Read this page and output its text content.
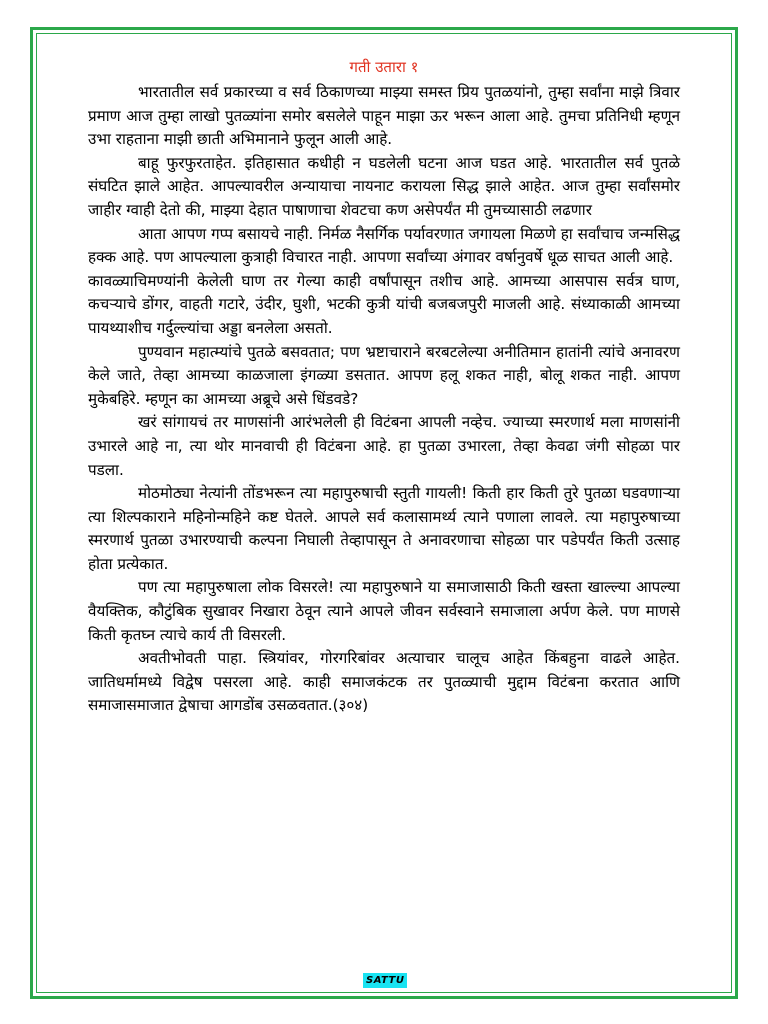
गती उतारा १

भारतातील सर्व प्रकारच्या व सर्व ठिकाणच्या माझ्या समस्त प्रिय पुतळयांनो, तुम्हा सर्वांना माझे त्रिवार प्रमाण आज तुम्हा लाखो पुतळ्यांना समोर बसलेले पाहून माझा ऊर भरून आला आहे. तुमचा प्रतिनिधी म्हणून उभा राहताना माझी छाती अभिमानाने फुलून आली आहे.

बाहू फुरफुरताहेत. इतिहासात कधीही न घडलेली घटना आज घडत आहे. भारतातील सर्व पुतळे संघटित झाले आहेत. आपल्यावरील अन्यायाचा नायनाट करायला सिद्ध झाले आहेत. आज तुम्हा सर्वांसमोर जाहीर ग्वाही देतो की, माझ्या देहात पाषाणाचा शेवटचा कण असेपर्यंत मी तुमच्यासाठी लढणार

आता आपण गप्प बसायचे नाही. निर्मळ नैसर्गिक पर्यावरणात जगायला मिळणे हा सर्वांचाच जन्मसिद्ध हक्क आहे. पण आपल्याला कुत्राही विचारत नाही. आपणा सर्वांच्या अंगावर वर्षानुवर्षे धूळ साचत आली आहे.

कावळ्याचिमण्यांनी केलेली घाण तर गेल्या काही वर्षांपासून तशीच आहे. आमच्या आसपास सर्वत्र घाण, कचऱ्याचे डोंगर, वाहती गटारे, उंदीर, घुशी, भटकी कुत्री यांची बजबजपुरी माजली आहे. संध्याकाळी आमच्या पायथ्याशीच गर्दुल्ल्यांचा अड्डा बनलेला असतो.

पुण्यवान महात्म्यांचे पुतळे बसवतात; पण भ्रष्टाचाराने बरबटलेल्या अनीतिमान हातांनी त्यांचे अनावरण केले जाते, तेव्हा आमच्या काळजाला इंगळ्या डसतात. आपण हलू शकत नाही, बोलू शकत नाही. आपण मुकेबहिरे. म्हणून का आमच्या अब्रूचे असे धिंडवडे?

खरं सांगायचं तर माणसांनी आरंभलेली ही विटंबना आपली नव्हेच. ज्याच्या स्मरणार्थ मला माणसांनी उभारले आहे ना, त्या थोर मानवाची ही विटंबना आहे. हा पुतळा उभारला, तेव्हा केवढा जंगी सोहळा पार पडला.

मोठमोठ्या नेत्यांनी तोंडभरून त्या महापुरुषाची स्तुती गायली! किती हार किती तुरे पुतळा घडवणाऱ्या त्या शिल्पकाराने महिनोन्महिने कष्ट घेतले. आपले सर्व कलासामर्थ्य त्याने पणाला लावले. त्या महापुरुषाच्या स्मरणार्थ पुतळा उभारण्याची कल्पना निघाली तेव्हापासून ते अनावरणाचा सोहळा पार पडेपर्यंत किती उत्साह होता प्रत्येकात.

पण त्या महापुरुषाला लोक विसरले! त्या महापुरुषाने या समाजासाठी किती खस्ता खाल्ल्या आपल्या वैयक्तिक, कौटुंबिक सुखावर निखारा ठेवून त्याने आपले जीवन सर्वस्वाने समाजाला अर्पण केले. पण माणसे किती कृतघ्न त्याचे कार्य ती विसरली.

अवतीभोवती पाहा. स्त्रियांवर, गोरगरिबांवर अत्याचार चालूच आहेत किंबहुना वाढले आहेत. जातिधर्मामध्ये विद्वेष पसरला आहे. काही समाजकंटक तर पुतळ्याची मुद्दाम विटंबना करतात आणि समाजासमाजात द्वेषाचा आगडोंब उसळवतात.(३०४)

SATTU
